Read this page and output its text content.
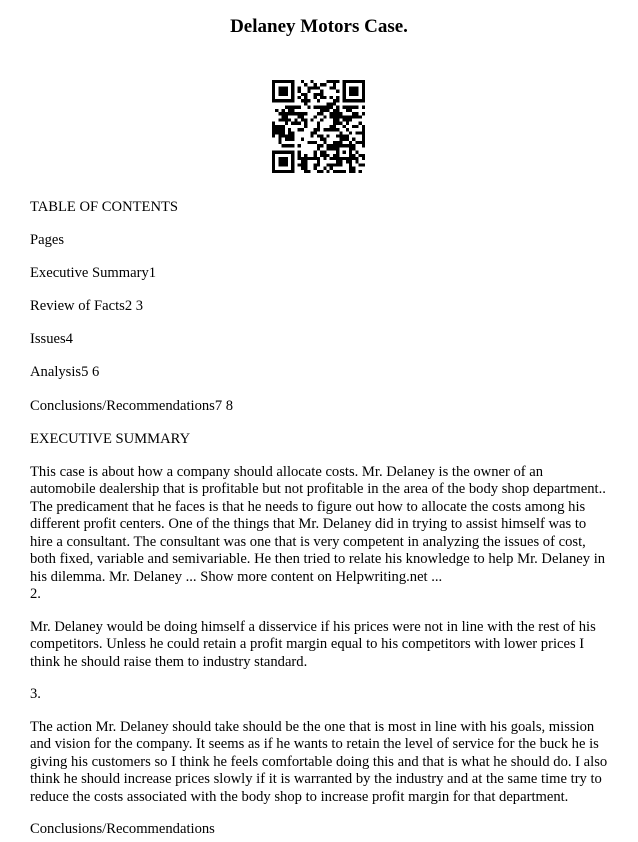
Delaney Motors Case.

TABLE OF CONTENTS

Pages

Executive Summary1

Review of Facts2 3

Issues4

Analysis5 6

Conclusions/Recommendations7 8

EXECUTIVE SUMMARY

This case is about how a company should allocate costs. Mr. Delaney is the owner of an automobile dealership that is profitable but not profitable in the area of the body shop department.. The predicament that he faces is that he needs to figure out how to allocate the costs among his different profit centers. One of the things that Mr. Delaney did in trying to assist himself was to hire a consultant. The consultant was one that is very competent in analyzing the issues of cost, both fixed, variable and semivariable. He then tried to relate his knowledge to help Mr. Delaney in his dilemma. Mr. Delaney ... Show more content on Helpwriting.net ...

2.

Mr. Delaney would be doing himself a disservice if his prices were not in line with the rest of his competitors. Unless he could retain a profit margin equal to his competitors with lower prices I think he should raise them to industry standard.

3.

The action Mr. Delaney should take should be the one that is most in line with his goals, mission and vision for the company. It seems as if he wants to retain the level of service for the buck he is giving his customers so I think he feels comfortable doing this and that is what he should do. I also think he should increase prices slowly if it is warranted by the industry and at the same time try to reduce the costs associated with the body shop to increase profit margin for that department.

Conclusions/Recommendations
